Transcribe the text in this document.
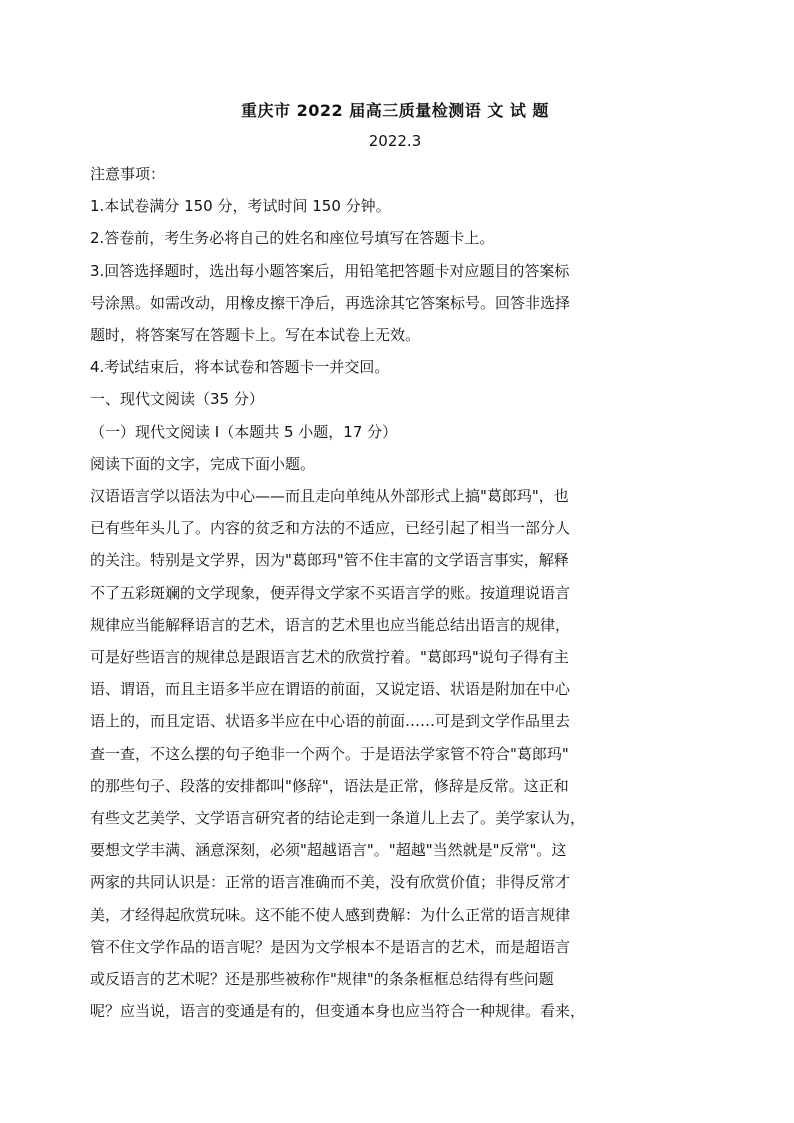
重庆市 2022 届高三质量检测语 文 试 题

2022.3

注意事项：

1.本试卷满分 150 分，考试时间 150 分钟。

2.答卷前，考生务必将自己的姓名和座位号填写在答题卡上。

3.回答选择题时，选出每小题答案后，用铅笔把答题卡对应题目的答案标

号涂黑。如需改动，用橡皮擦干净后，再选涂其它答案标号。回答非选择

题时，将答案写在答题卡上。写在本试卷上无效。

4.考试结束后，将本试卷和答题卡一并交回。

一、现代文阅读（35 分）

（一）现代文阅读 I（本题共 5 小题，17 分）

阅读下面的文字，完成下面小题。

汉语语言学以语法为中心——而且走向单纯从外部形式上搞"葛郎玛"，也

已有些年头儿了。内容的贫乏和方法的不适应，已经引起了相当一部分人

的关注。特别是文学界，因为"葛郎玛"管不住丰富的文学语言事实，解释

不了五彩斑斓的文学现象，便弄得文学家不买语言学的账。按道理说语言

规律应当能解释语言的艺术，语言的艺术里也应当能总结出语言的规律，

可是好些语言的规律总是跟语言艺术的欣赏拧着。"葛郎玛"说句子得有主

语、谓语，而且主语多半应在谓语的前面，又说定语、状语是附加在中心

语上的，而且定语、状语多半应在中心语的前面……可是到文学作品里去

查一查，不这么摆的句子绝非一个两个。于是语法学家管不符合"葛郎玛"

的那些句子、段落的安排都叫"修辞"，语法是正常，修辞是反常。这正和

有些文艺美学、文学语言研究者的结论走到一条道儿上去了。美学家认为，

要想文学丰满、涵意深刻，必须"超越语言"。"超越"当然就是"反常"。这

两家的共同认识是：正常的语言准确而不美，没有欣赏价值；非得反常才

美，才经得起欣赏玩味。这不能不使人感到费解：为什么正常的语言规律

管不住文学作品的语言呢？是因为文学根本不是语言的艺术，而是超语言

或反语言的艺术呢？还是那些被称作"规律"的条条框框总结得有些问题

呢？应当说，语言的变通是有的，但变通本身也应当符合一种规律。看来，
